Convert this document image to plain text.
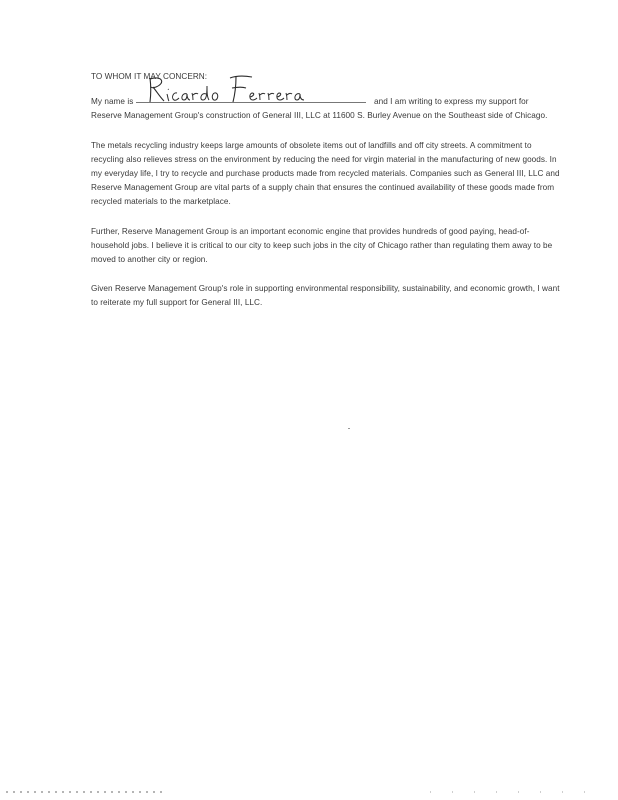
TO WHOM IT MAY CONCERN:

My name is	and I am writing to express my support for Reserve Management Group's construction of General III, LLC at 11600 S. Burley Avenue on the Southeast side of Chicago.

The metals recycling industry keeps large amounts of obsolete items out of landfills and off city streets. A commitment to recycling also relieves stress on the environment by reducing the need for virgin material in the manufacturing of new goods. In my everyday life, I try to recycle and purchase products made from recycled materials. Companies such as General III, LLC and Reserve Management Group are vital parts of a supply chain that ensures the continued availability of these goods made from recycled materials to the marketplace.

Further, Reserve Management Group is an important economic engine that provides hundreds of good paying, head-of-household jobs. I believe it is critical to our city to keep such jobs in the city of Chicago rather than regulating them away to be moved to another city or region.

Given Reserve Management Group's role in supporting environmental responsibility, sustainability, and economic growth, I want to reiterate my full support for General III, LLC.
